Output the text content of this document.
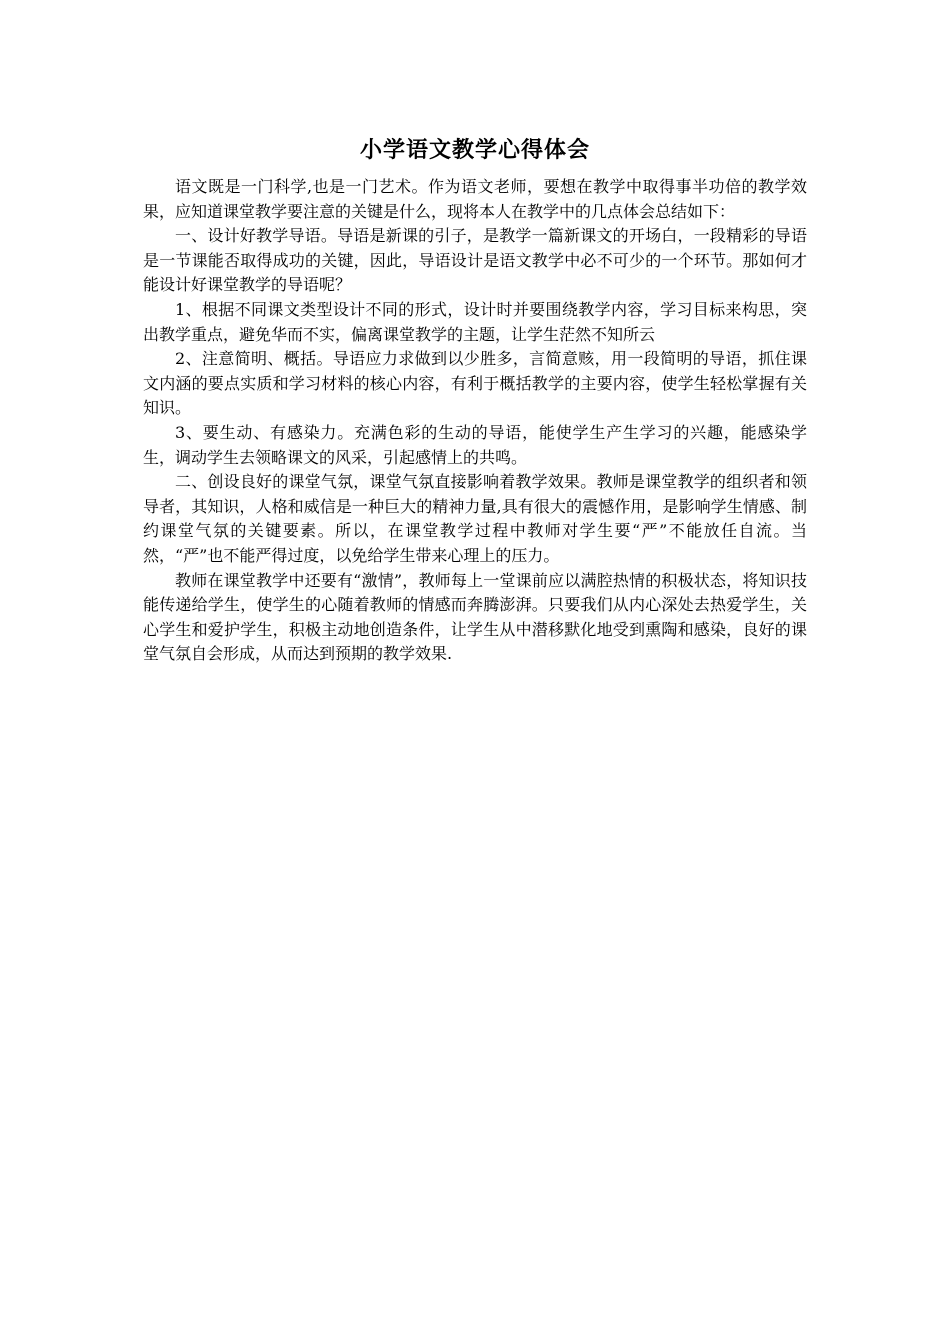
小学语文教学心得体会

语文既是一门科学,也是一门艺术。作为语文老师，要想在教学中取得事半功倍的教学效果，应知道课堂教学要注意的关键是什么，现将本人在教学中的几点体会总结如下：

一、设计好教学导语。导语是新课的引子，是教学一篇新课文的开场白，一段精彩的导语是一节课能否取得成功的关键，因此，导语设计是语文教学中必不可少的一个环节。那如何才能设计好课堂教学的导语呢？

1、根据不同课文类型设计不同的形式，设计时并要围绕教学内容，学习目标来构思，突出教学重点，避免华而不实，偏离课堂教学的主题，让学生茫然不知所云

2、注意简明、概括。导语应力求做到以少胜多，言简意赅，用一段简明的导语，抓住课文内涵的要点实质和学习材料的核心内容，有利于概括教学的主要内容，使学生轻松掌握有关知识。

3、要生动、有感染力。充满色彩的生动的导语，能使学生产生学习的兴趣，能感染学生，调动学生去领略课文的风采，引起感情上的共鸣。

二、创设良好的课堂气氛，课堂气氛直接影响着教学效果。教师是课堂教学的组织者和领导者，其知识，人格和威信是一种巨大的精神力量,具有很大的震憾作用，是影响学生情感、制约课堂气氛的关键要素。所以，在课堂教学过程中教师对学生要“严”不能放任自流。当然，“严”也不能严得过度，以免给学生带来心理上的压力。

教师在课堂教学中还要有“激情”，教师每上一堂课前应以满腔热情的积极状态，将知识技能传递给学生，使学生的心随着教师的情感而奔腾澎湃。只要我们从内心深处去热爱学生，关心学生和爱护学生，积极主动地创造条件，让学生从中潜移默化地受到熏陶和感染，良好的课堂气氛自会形成，从而达到预期的教学效果.
